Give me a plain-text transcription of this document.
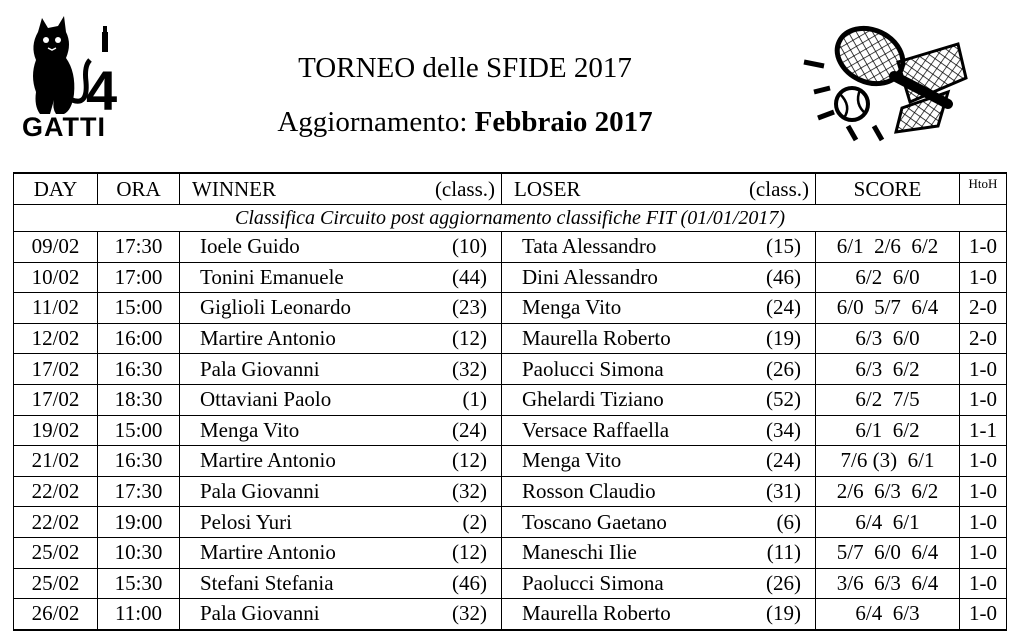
4
GATTI
TORNEO delle SFIDE 2017
Aggiornamento: Febbraio 2017
DAY	ORA	WINNER	(class.)	LOSER	(class.)	SCORE	HtoH
Classifica Circuito post aggiornamento classifiche FIT (01/01/2017)							
09/02	17:30	Ioele Guido	(10)	Tata Alessandro	(15)	6/1  2/6  6/2	1-0
10/02	17:00	Tonini Emanuele	(44)	Dini Alessandro	(46)	6/2  6/0	1-0
11/02	15:00	Giglioli Leonardo	(23)	Menga Vito	(24)	6/0  5/7  6/4	2-0
12/02	16:00	Martire Antonio	(12)	Maurella Roberto	(19)	6/3  6/0	2-0
17/02	16:30	Pala Giovanni	(32)	Paolucci Simona	(26)	6/3  6/2	1-0
17/02	18:30	Ottaviani Paolo	(1)	Ghelardi Tiziano	(52)	6/2  7/5	1-0
19/02	15:00	Menga Vito	(24)	Versace Raffaella	(34)	6/1  6/2	1-1
21/02	16:30	Martire Antonio	(12)	Menga Vito	(24)	7/6 (3)  6/1	1-0
22/02	17:30	Pala Giovanni	(32)	Rosson Claudio	(31)	2/6  6/3  6/2	1-0
22/02	19:00	Pelosi Yuri	(2)	Toscano Gaetano	(6)	6/4  6/1	1-0
25/02	10:30	Martire Antonio	(12)	Maneschi Ilie	(11)	5/7  6/0  6/4	1-0
25/02	15:30	Stefani Stefania	(46)	Paolucci Simona	(26)	3/6  6/3  6/4	1-0
26/02	11:00	Pala Giovanni	(32)	Maurella Roberto	(19)	6/4  6/3	1-0
